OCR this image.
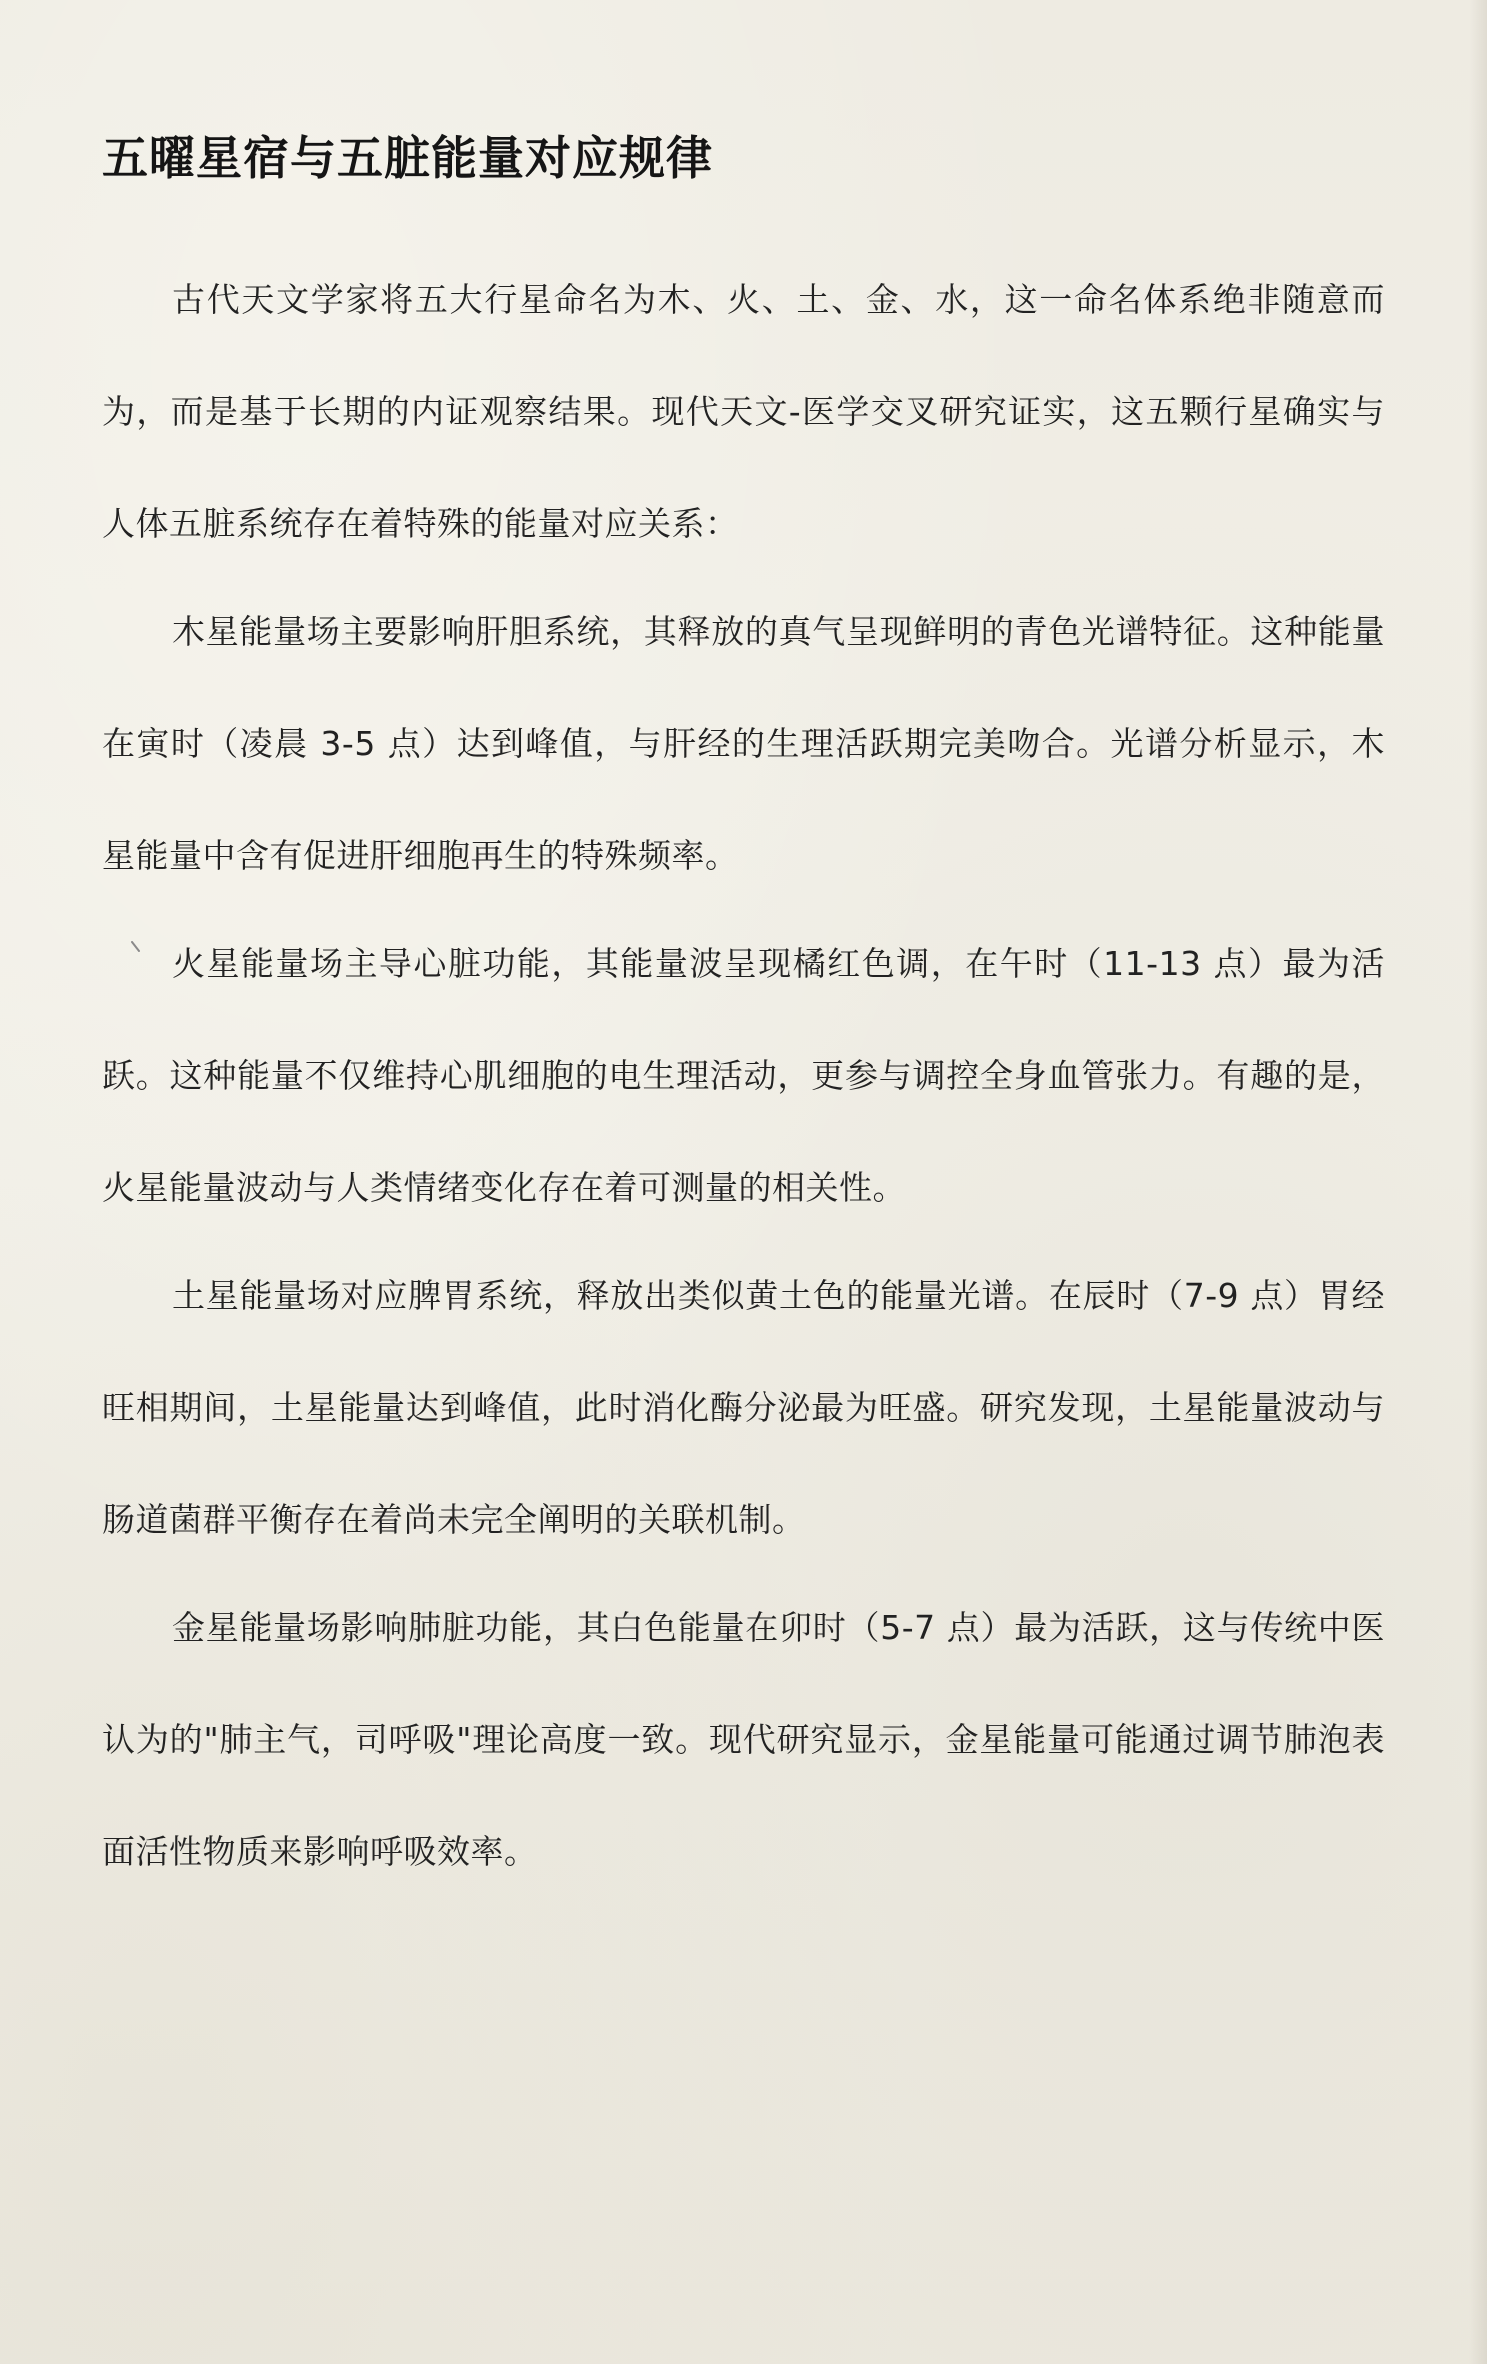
五曜星宿与五脏能量对应规律

古代天文学家将五大行星命名为木、火、土、金、水，这一命名体系绝非随意而为，而是基于长期的内证观察结果。现代天文-医学交叉研究证实，这五颗行星确实与人体五脏系统存在着特殊的能量对应关系：

木星能量场主要影响肝胆系统，其释放的真气呈现鲜明的青色光谱特征。这种能量在寅时（凌晨 3-5 点）达到峰值，与肝经的生理活跃期完美吻合。光谱分析显示，木星能量中含有促进肝细胞再生的特殊频率。

火星能量场主导心脏功能，其能量波呈现橘红色调，在午时（11-13 点）最为活跃。这种能量不仅维持心肌细胞的电生理活动，更参与调控全身血管张力。有趣的是，火星能量波动与人类情绪变化存在着可测量的相关性。

土星能量场对应脾胃系统，释放出类似黄土色的能量光谱。在辰时（7-9 点）胃经旺相期间，土星能量达到峰值，此时消化酶分泌最为旺盛。研究发现，土星能量波动与肠道菌群平衡存在着尚未完全阐明的关联机制。

金星能量场影响肺脏功能，其白色能量在卯时（5-7 点）最为活跃，这与传统中医认为的"肺主气，司呼吸"理论高度一致。现代研究显示，金星能量可能通过调节肺泡表面活性物质来影响呼吸效率。
